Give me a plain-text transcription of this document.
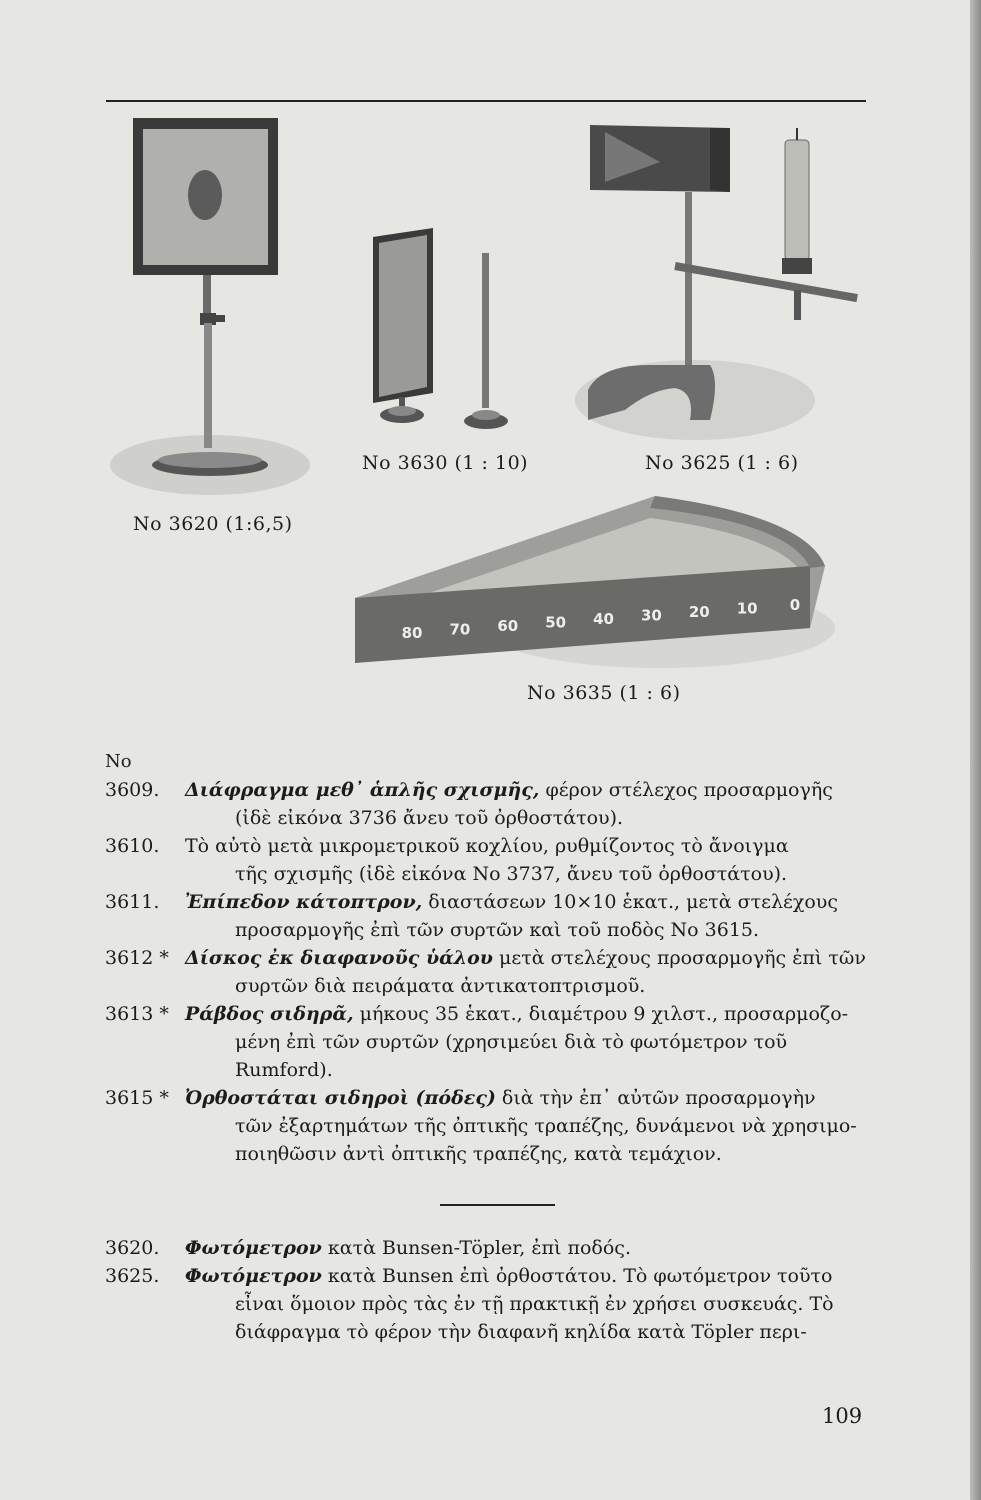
No 3620 (1:6,5)
No 3630 (1 : 10)	No 3625 (1 : 6)
80 70 60 50 40 30 20 10 0
No 3635 (1 : 6)
No
3609.	Διάφραγμα μεθ᾽ ἁπλῆς σχισμῆς, φέρον στέλεχος προσαρμογῆς
(ἰδὲ εἰκόνα 3736 ἄνευ τοῦ ὀρθοστάτου).
3610.	Τὸ αὐτὸ μετὰ μικρομετρικοῦ κοχλίου, ρυθμίζοντος τὸ ἄνοιγμα
τῆς σχισμῆς (ἰδὲ εἰκόνα Νο 3737, ἄνευ τοῦ ὀρθοστάτου).
3611.	Ἐπίπεδον κάτοπτρον, διαστάσεων 10×10 ἑκατ., μετὰ στελέχους
προσαρμογῆς ἐπὶ τῶν συρτῶν καὶ τοῦ ποδὸς Νο 3615.
3612 * Δίσκος ἐκ διαφανοῦς ὑάλου μετὰ στελέχους προσαρμογῆς ἐπὶ τῶν
συρτῶν διὰ πειράματα ἀντικατοπτρισμοῦ.
3613 * Ράβδος σιδηρᾶ, μήκους 35 ἑκατ., διαμέτρου 9 χιλστ., προσαρμοζο-
μένη ἐπὶ τῶν συρτῶν (χρησιμεύει διὰ τὸ φωτόμετρον τοῦ Rumford).
3615 * Ὀρθοστάται σιδηροὶ (πόδες) διὰ τὴν ἐπ᾽ αὐτῶν προσαρμογὴν
τῶν ἐξαρτημάτων τῆς ὀπτικῆς τραπέζης, δυνάμενοι νὰ χρησιμο- ποιηθῶσιν ἀντὶ ὀπτικῆς τραπέζης, κατὰ τεμάχιον.
3620.	Φωτόμετρον κατὰ Bunsen-Töpler, ἐπὶ ποδός.
3625.	Φωτόμετρον κατὰ Bunsen ἐπὶ ὀρθοστάτου. Τὸ φωτόμετρον τοῦτο
εἶναι ὅμοιον πρὸς τὰς ἐν τῇ πρακτικῇ ἐν χρήσει συσκευάς. Τὸ διάφραγμα τὸ φέρον τὴν διαφανῆ κηλίδα κατὰ Töpler περι-
109
